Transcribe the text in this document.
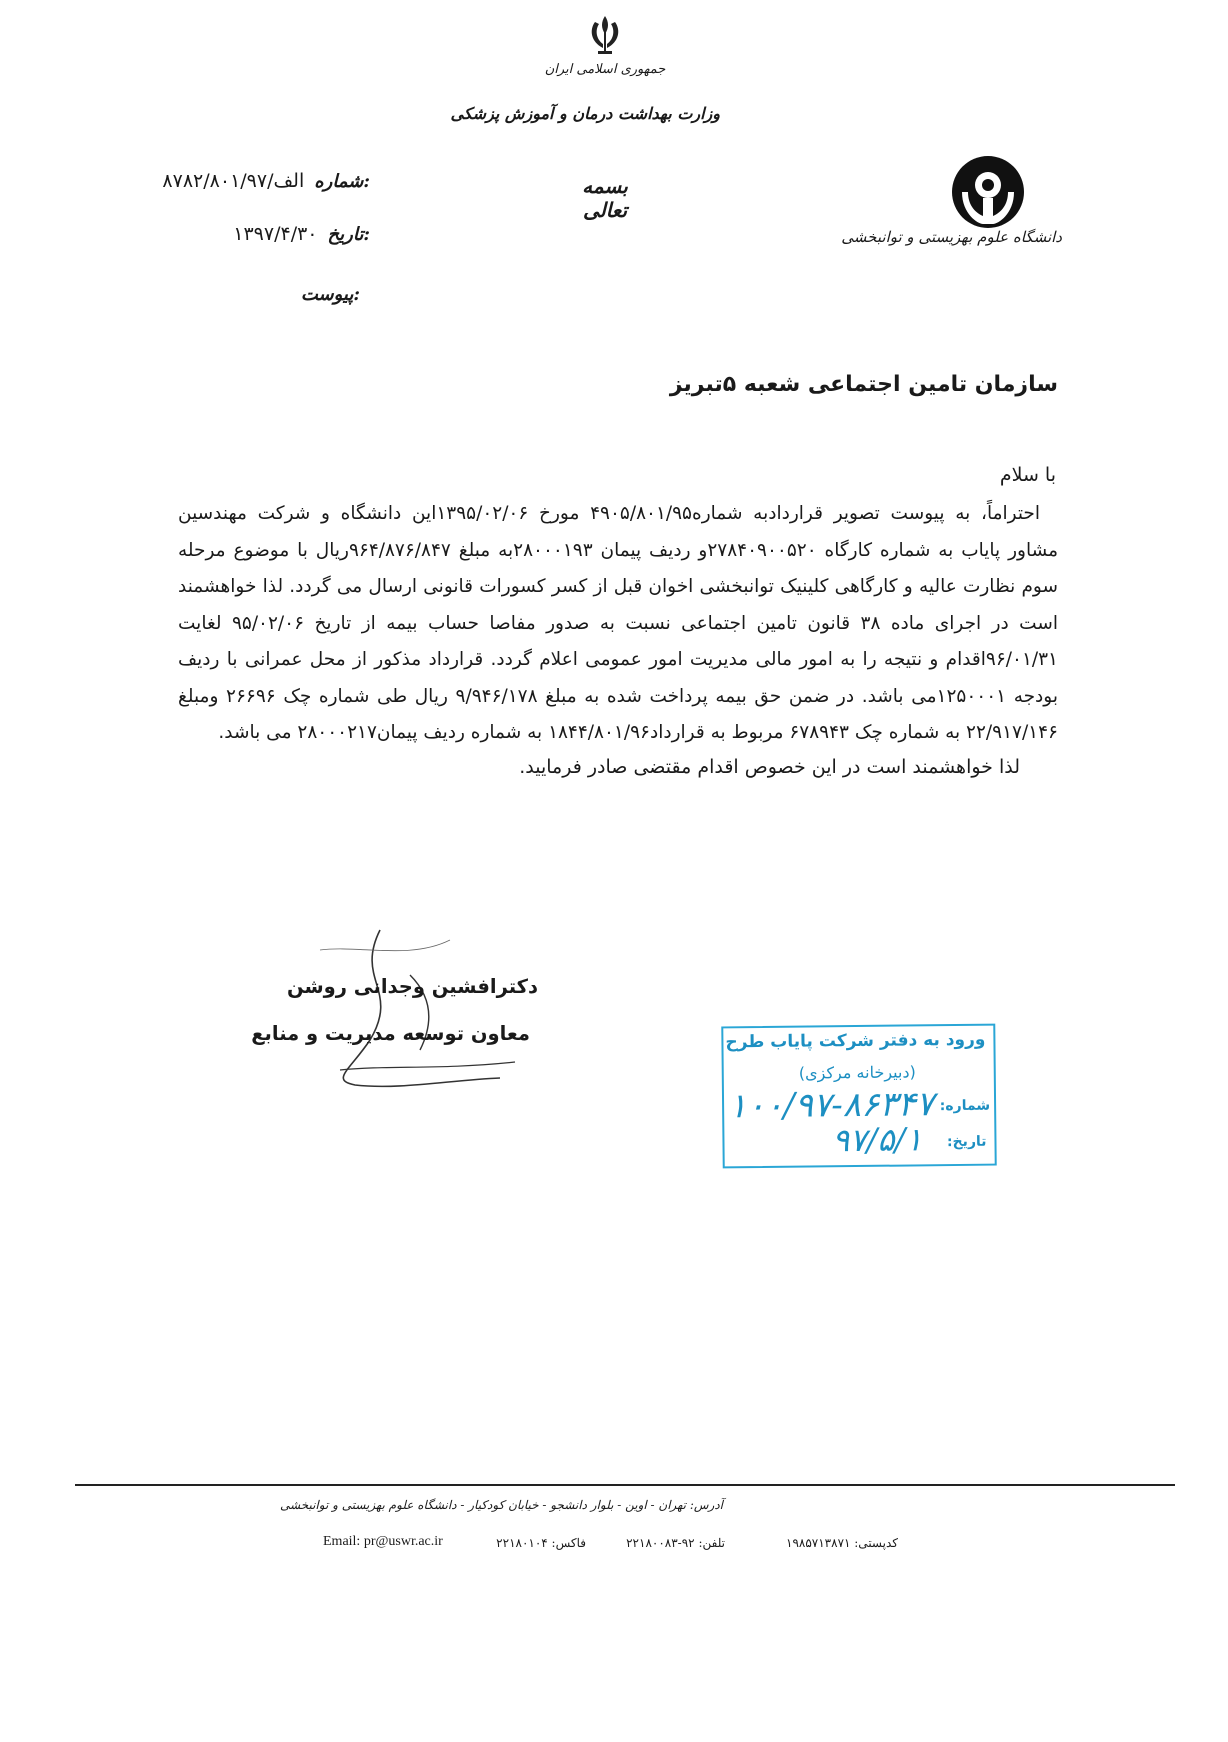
جمهوری اسلامی ایران
وزارت بهداشت درمان و آموزش پزشکی
بسمه تعالی
دانشگاه علوم بهزیستی و توانبخشی
شماره:
۸۷۸۲/الف/۸۰۱/۹۷
تاریخ:
۱۳۹۷/۴/۳۰
پیوست:
سازمان تامین اجتماعی شعبه ۵تبریز
با سلام

احتراماً، به پیوست تصویر قراردادبه شماره۴۹۰۵/۸۰۱/۹۵ مورخ ۱۳۹۵/۰۲/۰۶این دانشگاه و شرکت مهندسین مشاور پایاب به شماره کارگاه ۲۷۸۴۰۹۰۰۵۲۰و ردیف پیمان ۲۸۰۰۰۱۹۳به مبلغ ۹۶۴/۸۷۶/۸۴۷ریال با موضوع مرحله سوم نظارت عالیه و کارگاهی کلینیک توانبخشی اخوان قبل از کسر کسورات قانونی ارسال می گردد. لذا خواهشمند است در اجرای ماده ۳۸ قانون تامین اجتماعی نسبت به صدور مفاصا حساب بیمه از تاریخ ۹۵/۰۲/۰۶ لغایت ۹۶/۰۱/۳۱اقدام و نتیجه را به امور مالی مدیریت امور عمومی اعلام گردد. قرارداد مذکور از محل عمرانی با ردیف بودجه ۱۲۵۰۰۰۱می باشد. در ضمن حق بیمه پرداخت شده به مبلغ ۹/۹۴۶/۱۷۸ ریال طی شماره چک ۲۶۶۹۶ ومبلغ ۲۲/۹۱۷/۱۴۶ به شماره چک ۶۷۸۹۴۳ مربوط به قرارداد۱۸۴۴/۸۰۱/۹۶ به شماره ردیف پیمان۲۸۰۰۰۲۱۷ می باشد.

لذا خواهشمند است در این خصوص اقدام مقتضی صادر فرمایید.
دکترافشین وجدانی روشن
معاون توسعه مدیریت و منابع	ورود به دفتر شرکت پایاب طرح
(دبیرخانه مرکزی)
شماره:
۱۰۰/۹۷-۸۶۳۴۷
تاریخ:
۹۷/۵/۱
آدرس: تهران - اوین - بلوار دانشجو - خیابان کودکیار - دانشگاه علوم بهزیستی و توانبخشی
کدپستی: ۱۹۸۵۷۱۳۸۷۱
تلفن: ۹۲-۲۲۱۸۰۰۸۳
فاکس: ۲۲۱۸۰۱۰۴
Email: pr@uswr.ac.ir
